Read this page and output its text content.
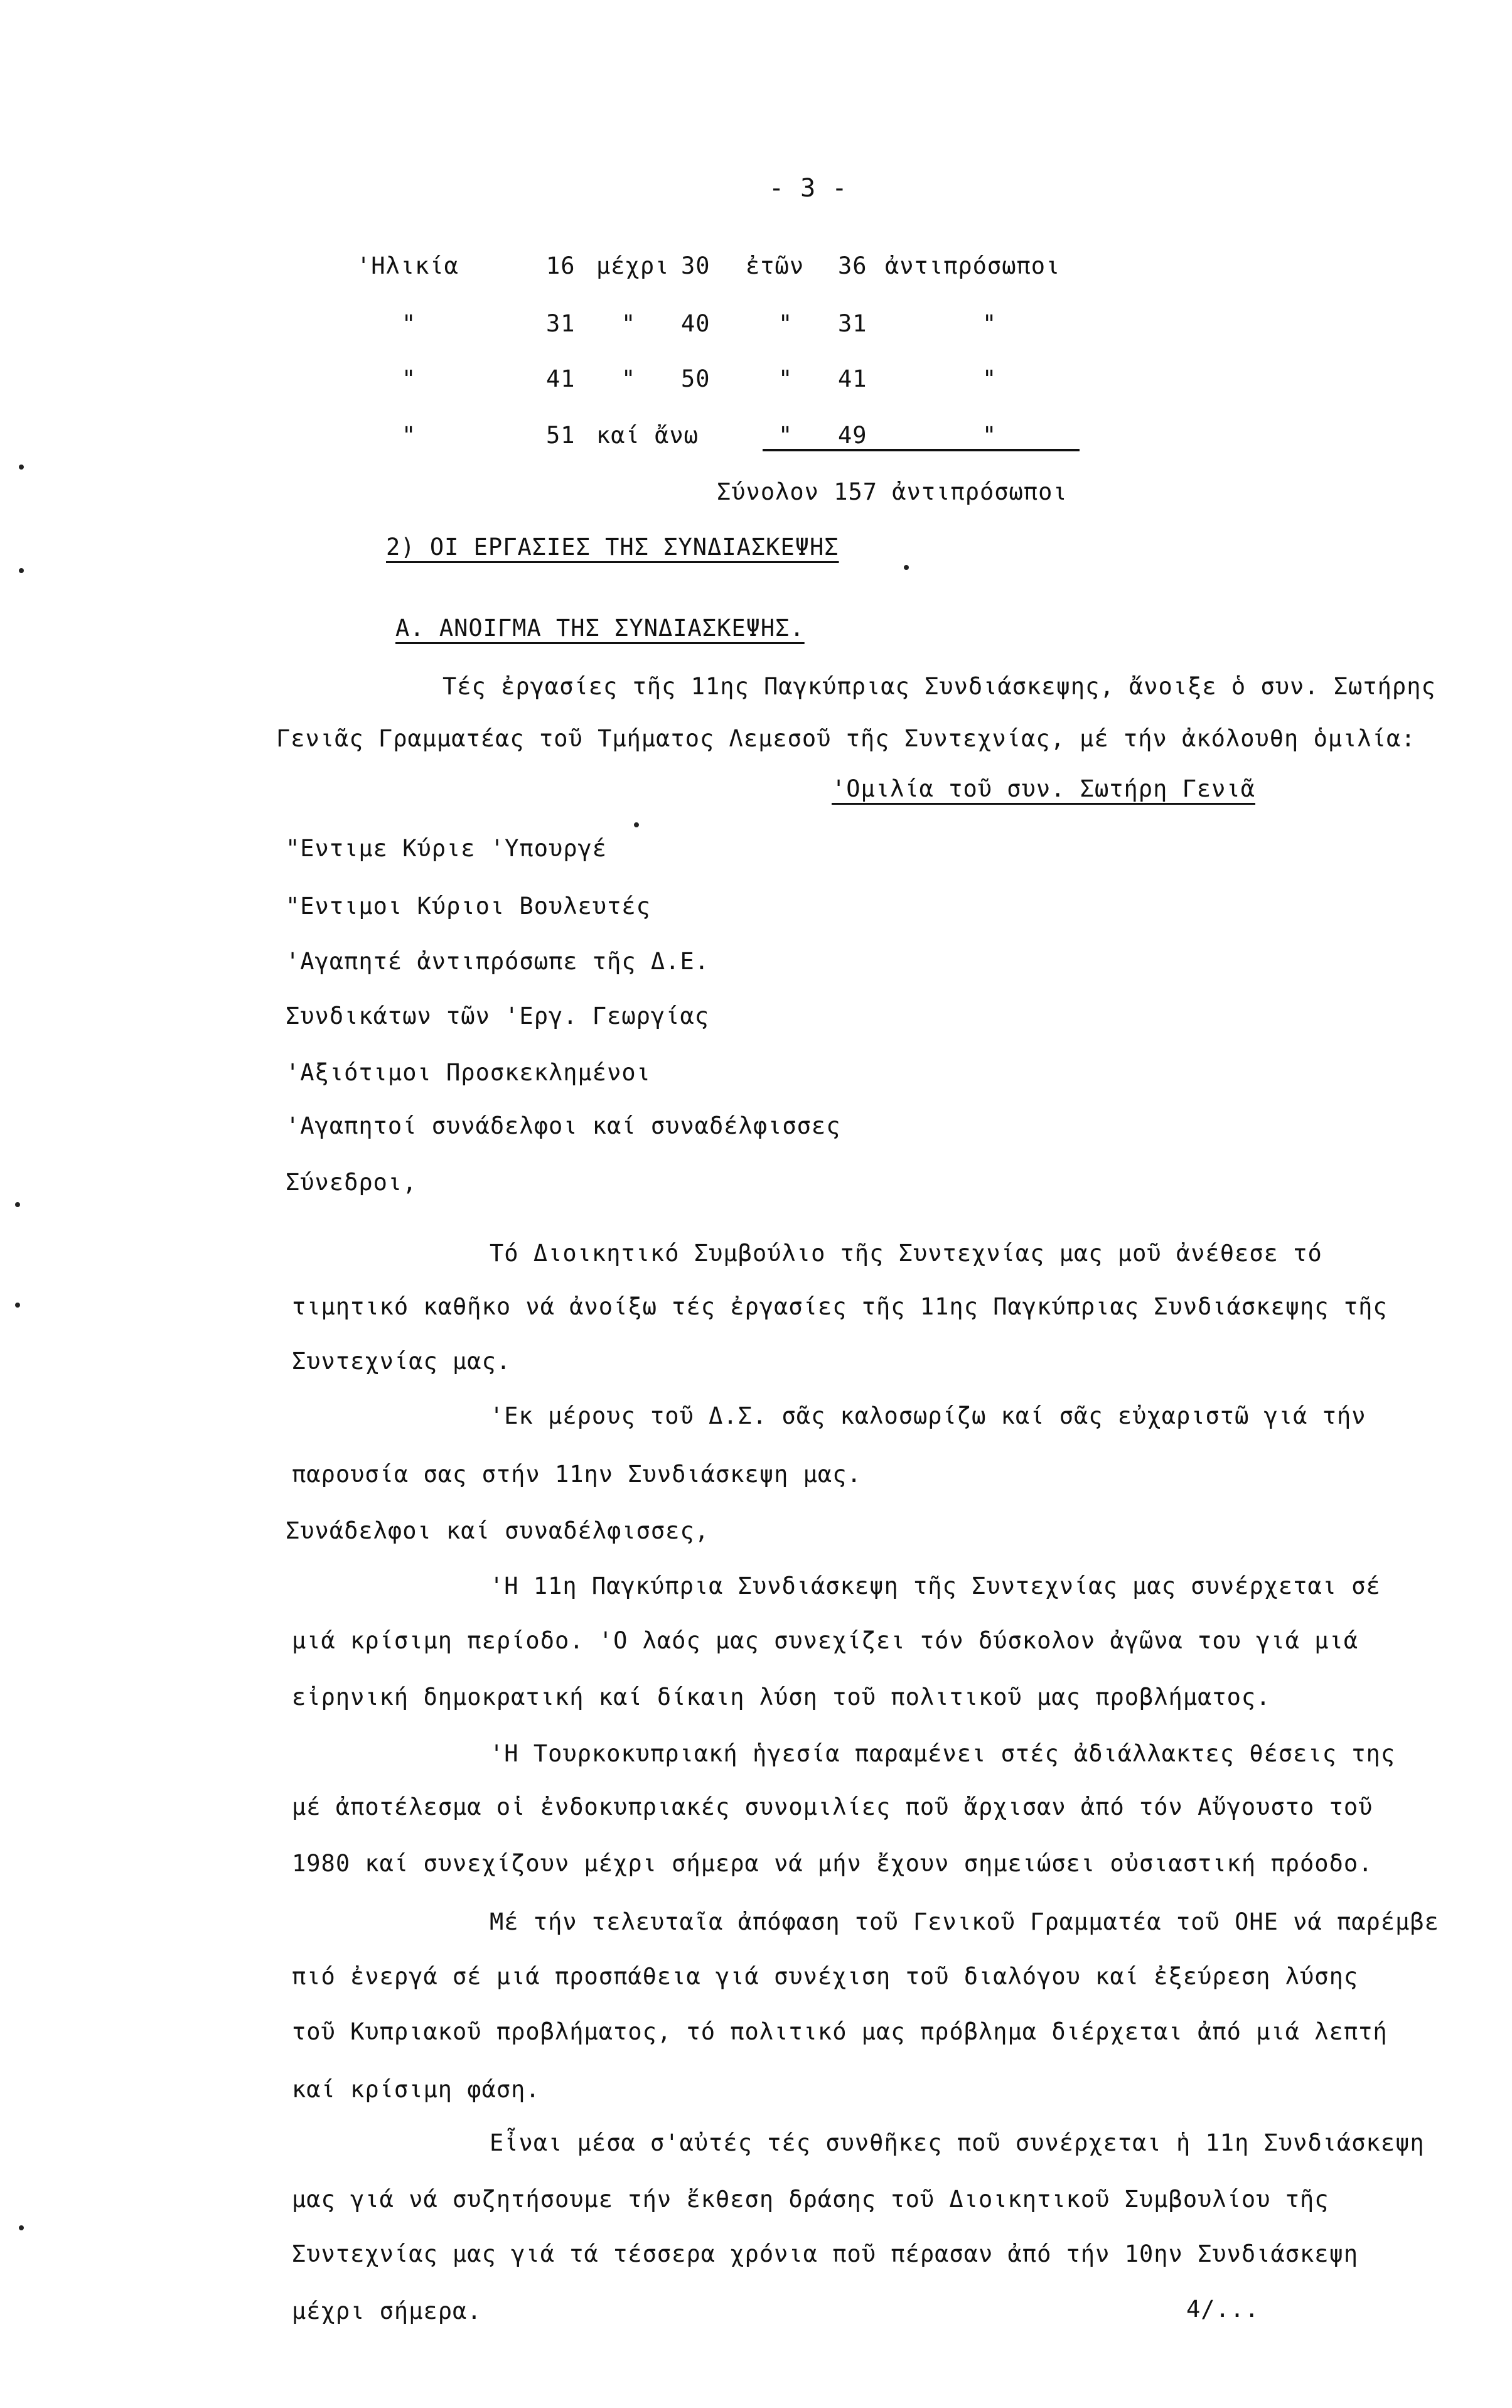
- 3 -
'Ηλικία	16 μέχρι 30 ἐτῶν 36 ἀντιπρόσωποι
"	31 " 40	" 31	"
"	41 " 50	" 41	"
"	51 καί ἄνω	" 49	"
Σύνολον 157 ἀντιπρόσωποι
2) ΟΙ ΕΡΓΑΣΙΕΣ ΤΗΣ ΣΥΝΔΙΑΣΚΕΨΗΣ
Α. ΑΝΟΙΓΜΑ ΤΗΣ ΣΥΝΔΙΑΣΚΕΨΗΣ.
Τές ἐργασίες τῆς 11ης Παγκύπριας Συνδιάσκεψης, ἄνοιξε ὁ συν. Σωτήρης
Γενιᾶς Γραμματέας τοῦ Τμήματος Λεμεσοῦ τῆς Συντεχνίας, μέ τήν ἀκόλουθη ὁμιλία:
'Ομιλία τοῦ συν. Σωτήρη Γενιᾶ
"Εντιμε Κύριε 'Υπουργέ
"Εντιμοι Κύριοι Βουλευτές
'Αγαπητέ ἀντιπρόσωπε τῆς Δ.Ε.
Συνδικάτων τῶν 'Εργ. Γεωργίας
'Αξιότιμοι Προσκεκλημένοι
'Αγαπητοί συνάδελφοι καί συναδέλφισσες
Σύνεδροι,
Τό Διοικητικό Συμβούλιο τῆς Συντεχνίας μας μοῦ ἀνέθεσε τό
τιμητικό καθῆκο νά ἀνοίξω τές ἐργασίες τῆς 11ης Παγκύπριας Συνδιάσκεψης τῆς
Συντεχνίας μας.
'Εκ μέρους τοῦ Δ.Σ. σᾶς καλοσωρίζω καί σᾶς εὐχαριστῶ γιά τήν
παρουσία σας στήν 11ην Συνδιάσκεψη μας.
Συνάδελφοι καί συναδέλφισσες,
'Η 11η Παγκύπρια Συνδιάσκεψη τῆς Συντεχνίας μας συνέρχεται σέ
μιά κρίσιμη περίοδο. 'Ο λαός μας συνεχίζει τόν δύσκολον ἀγῶνα του γιά μιά
εἰρηνική δημοκρατική καί δίκαιη λύση τοῦ πολιτικοῦ μας προβλήματος.
'Η Τουρκοκυπριακή ἡγεσία παραμένει στές ἀδιάλλακτες θέσεις της
μέ ἀποτέλεσμα οἱ ἐνδοκυπριακές συνομιλίες ποῦ ἄρχισαν ἀπό τόν Αὔγουστο τοῦ
1980 καί συνεχίζουν μέχρι σήμερα νά μήν ἔχουν σημειώσει οὐσιαστική πρόοδο.
Μέ τήν τελευταῖα ἀπόφαση τοῦ Γενικοῦ Γραμματέα τοῦ ΟΗΕ νά παρέμβε
πιό ἐνεργά σέ μιά προσπάθεια γιά συνέχιση τοῦ διαλόγου καί ἐξεύρεση λύσης
τοῦ Κυπριακοῦ προβλήματος, τό πολιτικό μας πρόβλημα διέρχεται ἀπό μιά λεπτή
καί κρίσιμη φάση.
Εἶναι μέσα σ'αὐτές τές συνθῆκες ποῦ συνέρχεται ἡ 11η Συνδιάσκεψη
μας γιά νά συζητήσουμε τήν ἔκθεση δράσης τοῦ Διοικητικοῦ Συμβουλίου τῆς
Συντεχνίας μας γιά τά τέσσερα χρόνια ποῦ πέρασαν ἀπό τήν 10ην Συνδιάσκεψη
μέχρι σήμερα.	4/...
